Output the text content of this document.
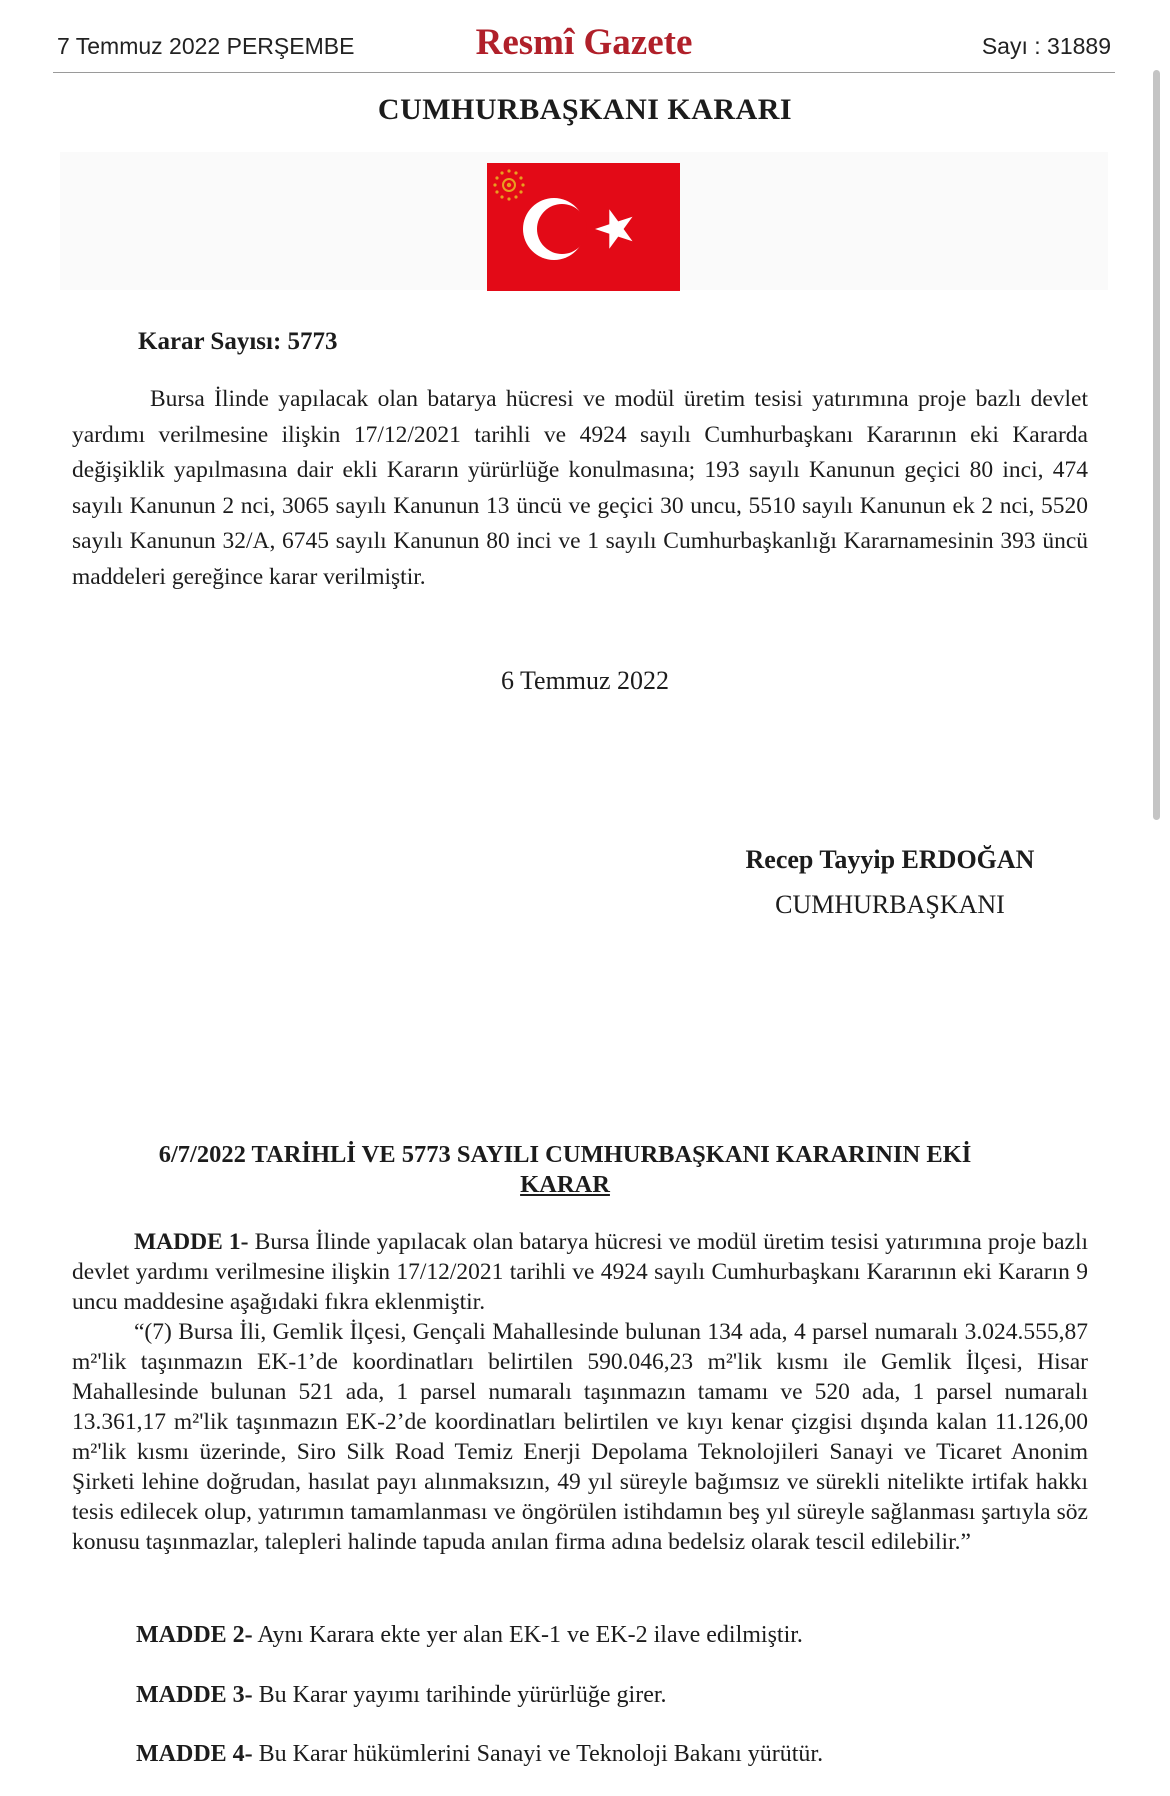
7 Temmuz 2022 PERŞEMBE	Resmî Gazete	Sayı : 31889
CUMHURBAŞKANI KARARI
Karar Sayısı: 5773
Bursa İlinde yapılacak olan batarya hücresi ve modül üretim tesisi yatırımına proje bazlı devlet yardımı verilmesine ilişkin 17/12/2021 tarihli ve 4924 sayılı Cumhurbaşkanı Kararının eki Kararda değişiklik yapılmasına dair ekli Kararın yürürlüğe konulmasına; 193 sayılı Kanunun geçici 80 inci, 474 sayılı Kanunun 2 nci, 3065 sayılı Kanunun 13 üncü ve geçici 30 uncu, 5510 sayılı Kanunun ek 2 nci, 5520 sayılı Kanunun 32/A, 6745 sayılı Kanunun 80 inci ve 1 sayılı Cumhurbaşkanlığı Kararnamesinin 393 üncü maddeleri gereğince karar verilmiştir.
6 Temmuz 2022
Recep Tayyip ERDOĞAN
CUMHURBAŞKANI
6/7/2022 TARİHLİ VE 5773 SAYILI CUMHURBAŞKANI KARARININ EKİ
KARAR
MADDE 1- Bursa İlinde yapılacak olan batarya hücresi ve modül üretim tesisi yatırımına proje bazlı devlet yardımı verilmesine ilişkin 17/12/2021 tarihli ve 4924 sayılı Cumhurbaşkanı Kararının eki Kararın 9 uncu maddesine aşağıdaki fıkra eklenmiştir.
“(7) Bursa İli, Gemlik İlçesi, Gençali Mahallesinde bulunan 134 ada, 4 parsel numaralı 3.024.555,87 m²'lik taşınmazın EK-1’de koordinatları belirtilen 590.046,23 m²'lik kısmı ile Gemlik İlçesi, Hisar Mahallesinde bulunan 521 ada, 1 parsel numaralı taşınmazın tamamı ve 520 ada, 1 parsel numaralı 13.361,17 m²'lik taşınmazın EK-2’de koordinatları belirtilen ve kıyı kenar çizgisi dışında kalan 11.126,00 m²'lik kısmı üzerinde, Siro Silk Road Temiz Enerji Depolama Teknolojileri Sanayi ve Ticaret Anonim Şirketi lehine doğrudan, hasılat payı alınmaksızın, 49 yıl süreyle bağımsız ve sürekli nitelikte irtifak hakkı tesis edilecek olup, yatırımın tamamlanması ve öngörülen istihdamın beş yıl süreyle sağlanması şartıyla söz konusu taşınmazlar, talepleri halinde tapuda anılan firma adına bedelsiz olarak tescil edilebilir.”
MADDE 2- Aynı Karara ekte yer alan EK-1 ve EK-2 ilave edilmiştir.
MADDE 3- Bu Karar yayımı tarihinde yürürlüğe girer.
MADDE 4- Bu Karar hükümlerini Sanayi ve Teknoloji Bakanı yürütür.
